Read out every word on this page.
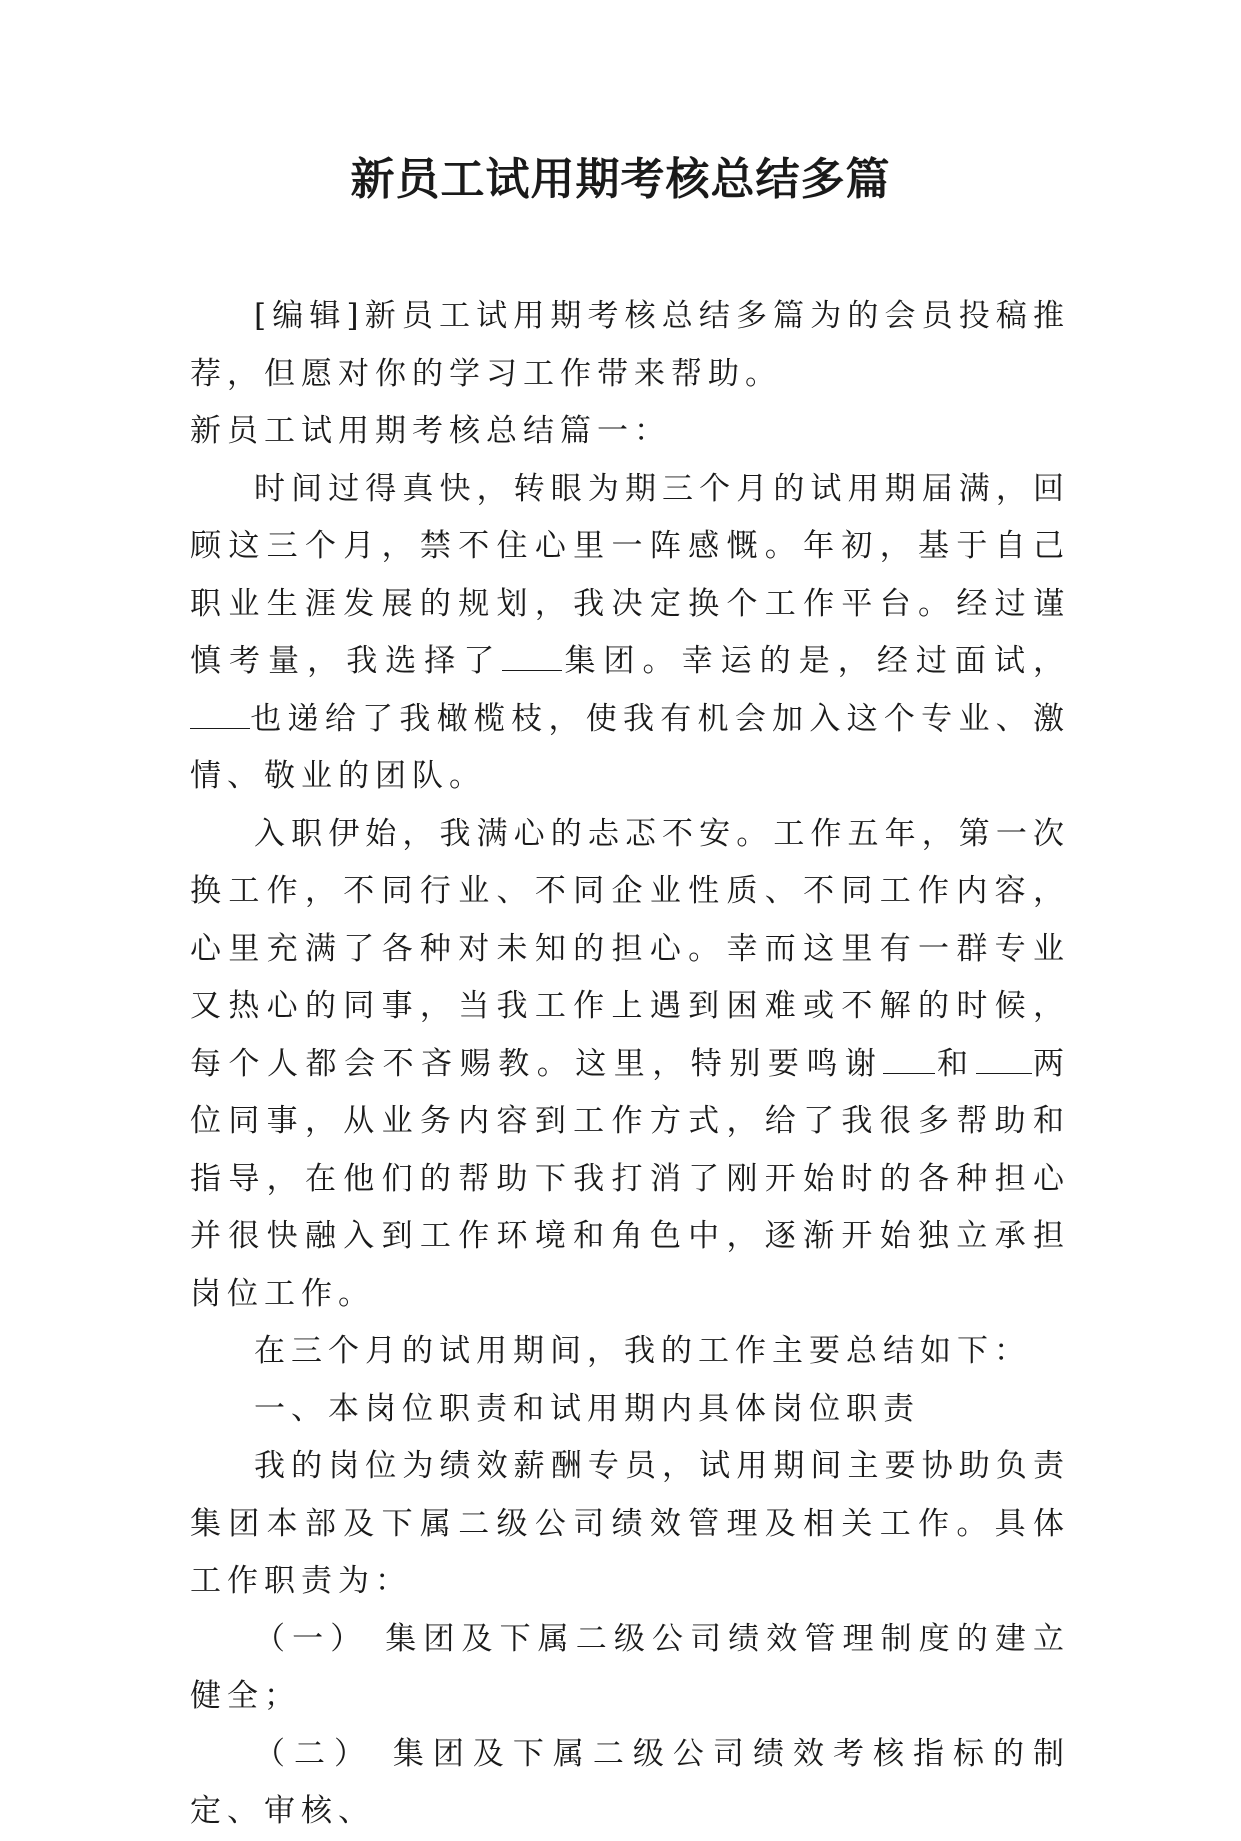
新员工试用期考核总结多篇

[编辑]新员工试用期考核总结多篇为的会员投稿推荐，但愿对你的学习工作带来帮助。

新员工试用期考核总结篇一：

时间过得真快，转眼为期三个月的试用期届满，回顾这三个月，禁不住心里一阵感慨。年初，基于自己职业生涯发展的规划，我决定换个工作平台。经过谨慎考量，我选择了 集团。幸运的是，经过面试，也递给了我橄榄枝，使我有机会加入这个专业、激情、敬业的团队。

入职伊始，我满心的忐忑不安。工作五年，第一次换工作，不同行业、不同企业性质、不同工作内容，心里充满了各种对未知的担心。幸而这里有一群专业又热心的同事，当我工作上遇到困难或不解的时候，每个人都会不吝赐教。这里，特别要鸣谢 和 两位同事，从业务内容到工作方式，给了我很多帮助和指导，在他们的帮助下我打消了刚开始时的各种担心并很快融入到工作环境和角色中，逐渐开始独立承担岗位工作。

在三个月的试用期间，我的工作主要总结如下：

一、本岗位职责和试用期内具体岗位职责

我的岗位为绩效薪酬专员，试用期间主要协助负责集团本部及下属二级公司绩效管理及相关工作。具体工作职责为：

（一） 集团及下属二级公司绩效管理制度的建立健全；

（二） 集团及下属二级公司绩效考核指标的制定、审核、
